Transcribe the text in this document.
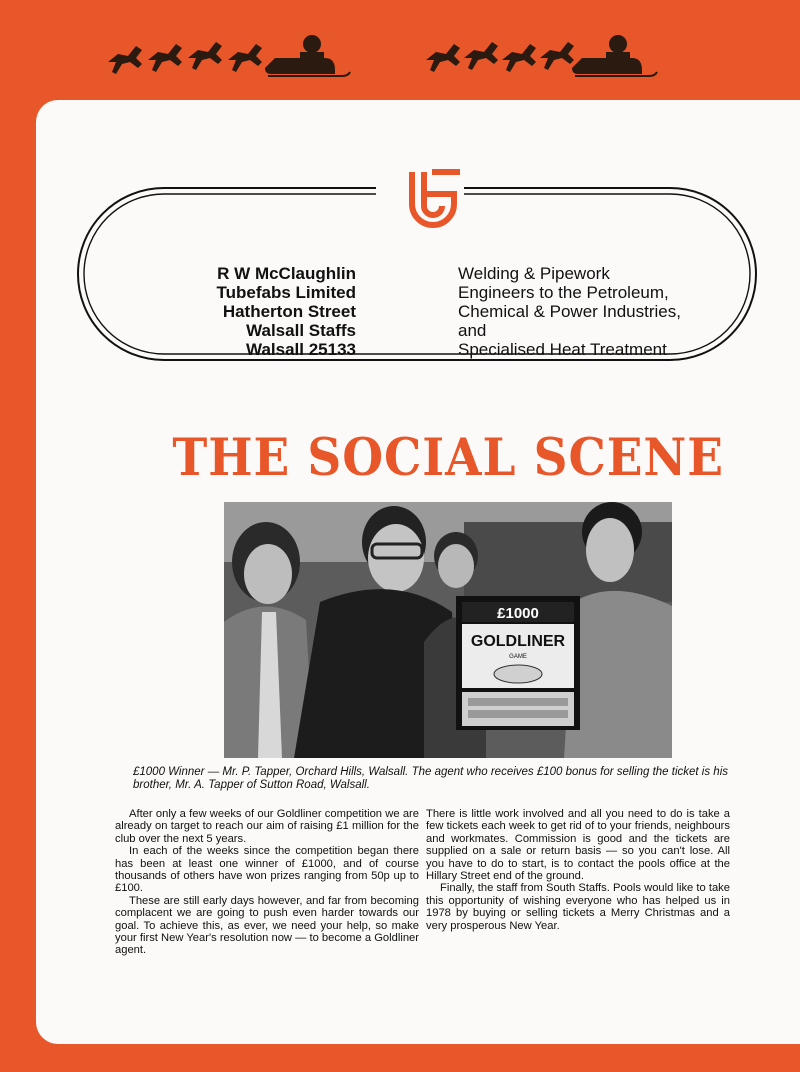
R W McClaughlin
Tubefabs Limited
Hatherton Street
Walsall Staffs
Walsall 25133
Welding & Pipework
Engineers to the Petroleum,
Chemical & Power Industries,
and
Specialised Heat Treatment
THE SOCIAL SCENE
£1000
GOLDLINER
GAME
£1000 Winner — Mr. P. Tapper, Orchard Hills, Walsall. The agent who receives £100 bonus for selling the ticket is his brother, Mr. A. Tapper of Sutton Road, Walsall.

After only a few weeks of our Goldliner competition we are already on target to reach our aim of raising £1 million for the club over the next 5 years.

In each of the weeks since the competition began there has been at least one winner of £1000, and of course thousands of others have won prizes ranging from 50p up to £100.

These are still early days however, and far from becoming complacent we are going to push even harder towards our goal. To achieve this, as ever, we need your help, so make your first New Year's resolution now — to become a Goldliner agent.

There is little work involved and all you need to do is take a few tickets each week to get rid of to your friends, neighbours and workmates. Commission is good and the tickets are supplied on a sale or return basis — so you can't lose. All you have to do to start, is to contact the pools office at the Hillary Street end of the ground.

Finally, the staff from South Staffs. Pools would like to take this opportunity of wishing everyone who has helped us in 1978 by buying or selling tickets a Merry Christmas and a very prosperous New Year.
